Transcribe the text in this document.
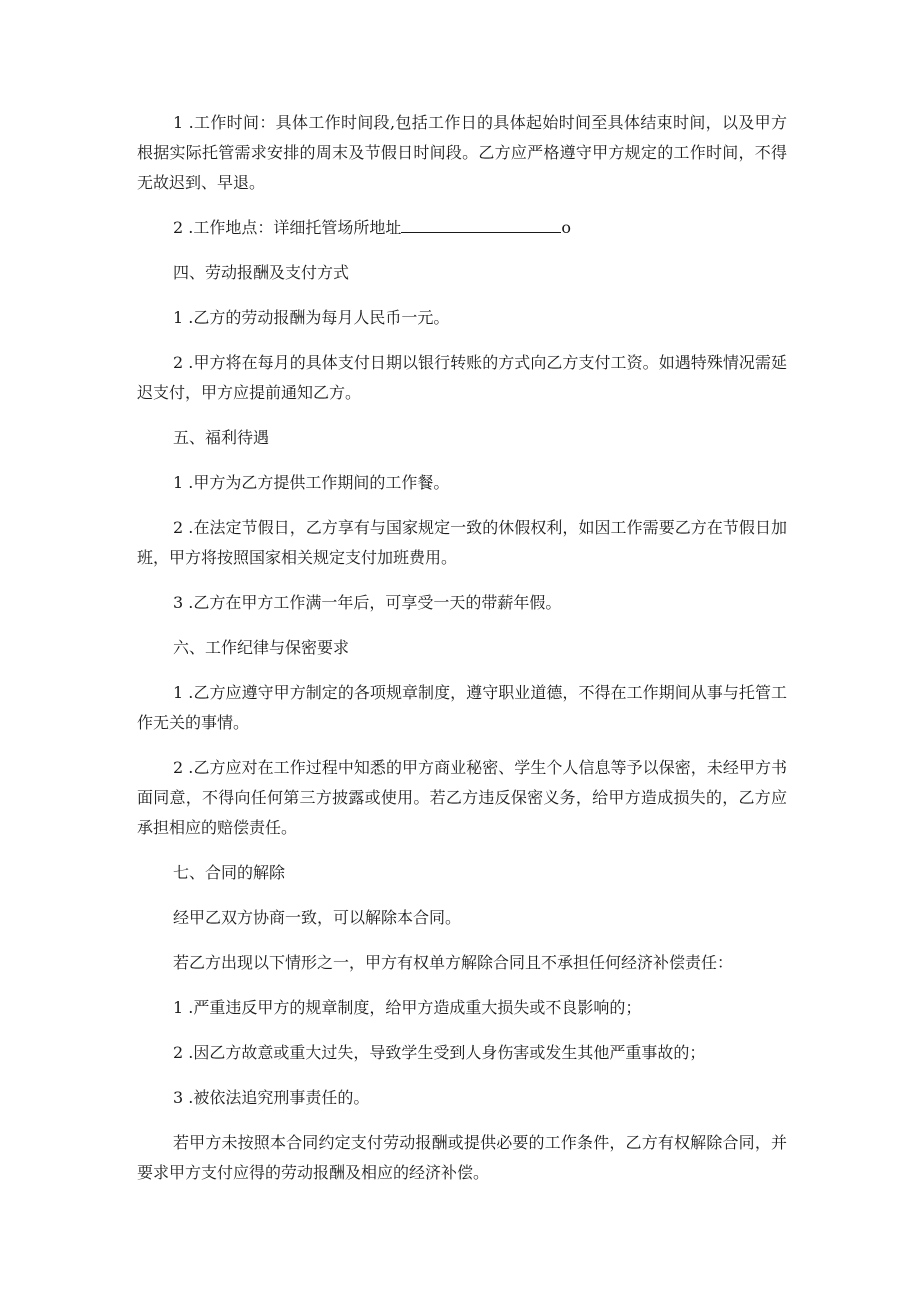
1 .工作时间：具体工作时间段,包括工作日的具体起始时间至具体结束时间，以及甲方根据实际托管需求安排的周末及节假日时间段。乙方应严格遵守甲方规定的工作时间，不得无故迟到、早退。

2 .工作地点：详细托管场所地址	o

四、劳动报酬及支付方式

1 .乙方的劳动报酬为每月人民币一元。

2 .甲方将在每月的具体支付日期以银行转账的方式向乙方支付工资。如遇特殊情况需延迟支付，甲方应提前通知乙方。

五、福利待遇

1 .甲方为乙方提供工作期间的工作餐。

2 .在法定节假日，乙方享有与国家规定一致的休假权利，如因工作需要乙方在节假日加班，甲方将按照国家相关规定支付加班费用。

3 .乙方在甲方工作满一年后，可享受一天的带薪年假。

六、工作纪律与保密要求

1 .乙方应遵守甲方制定的各项规章制度，遵守职业道德，不得在工作期间从事与托管工作无关的事情。

2 .乙方应对在工作过程中知悉的甲方商业秘密、学生个人信息等予以保密，未经甲方书面同意，不得向任何第三方披露或使用。若乙方违反保密义务，给甲方造成损失的，乙方应承担相应的赔偿责任。

七、合同的解除

经甲乙双方协商一致，可以解除本合同。

若乙方出现以下情形之一，甲方有权单方解除合同且不承担任何经济补偿责任：

1 .严重违反甲方的规章制度，给甲方造成重大损失或不良影响的；

2 .因乙方故意或重大过失，导致学生受到人身伤害或发生其他严重事故的；

3 .被依法追究刑事责任的。

若甲方未按照本合同约定支付劳动报酬或提供必要的工作条件，乙方有权解除合同，并要求甲方支付应得的劳动报酬及相应的经济补偿。
